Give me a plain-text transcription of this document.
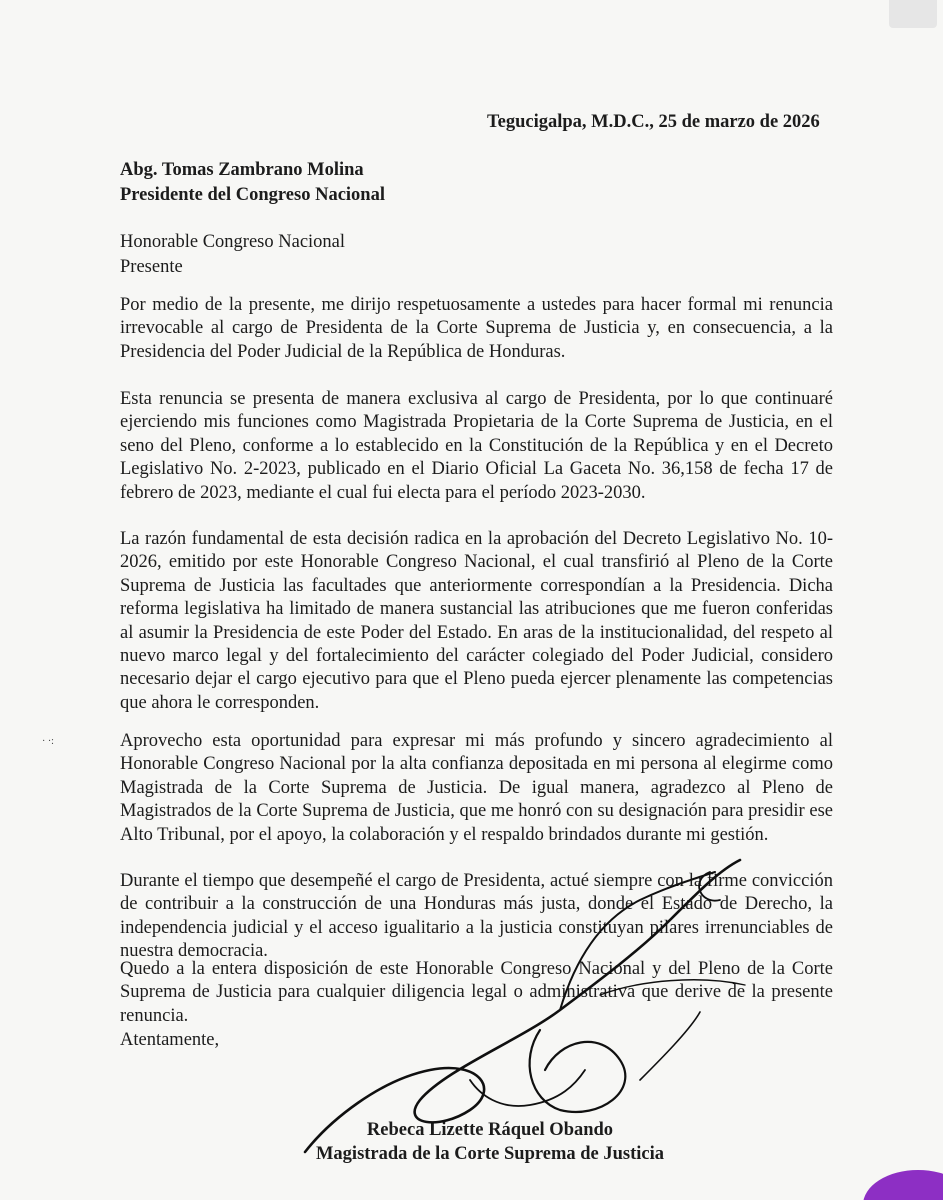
· ·:
Tegucigalpa, M.D.C., 25 de marzo de 2026
Abg. Tomas Zambrano Molina
Presidente del Congreso Nacional
Honorable Congreso Nacional
Presente

Por medio de la presente, me dirijo respetuosamente a ustedes para hacer formal mi renuncia irrevocable al cargo de Presidenta de la Corte Suprema de Justicia y, en consecuencia, a la Presidencia del Poder Judicial de la República de Honduras.

Esta renuncia se presenta de manera exclusiva al cargo de Presidenta, por lo que continuaré ejerciendo mis funciones como Magistrada Propietaria de la Corte Suprema de Justicia, en el seno del Pleno, conforme a lo establecido en la Constitución de la República y en el Decreto Legislativo No. 2-2023, publicado en el Diario Oficial La Gaceta No. 36,158 de fecha 17 de febrero de 2023, mediante el cual fui electa para el período 2023-2030.

La razón fundamental de esta decisión radica en la aprobación del Decreto Legislativo No. 10-2026, emitido por este Honorable Congreso Nacional, el cual transfirió al Pleno de la Corte Suprema de Justicia las facultades que anteriormente correspondían a la Presidencia. Dicha reforma legislativa ha limitado de manera sustancial las atribuciones que me fueron conferidas al asumir la Presidencia de este Poder del Estado. En aras de la institucionalidad, del respeto al nuevo marco legal y del fortalecimiento del carácter colegiado del Poder Judicial, considero necesario dejar el cargo ejecutivo para que el Pleno pueda ejercer plenamente las competencias que ahora le corresponden.

Aprovecho esta oportunidad para expresar mi más profundo y sincero agradecimiento al Honorable Congreso Nacional por la alta confianza depositada en mi persona al elegirme como Magistrada de la Corte Suprema de Justicia. De igual manera, agradezco al Pleno de Magistrados de la Corte Suprema de Justicia, que me honró con su designación para presidir ese Alto Tribunal, por el apoyo, la colaboración y el respaldo brindados durante mi gestión.

Durante el tiempo que desempeñé el cargo de Presidenta, actué siempre con la firme convicción de contribuir a la construcción de una Honduras más justa, donde el Estado de Derecho, la independencia judicial y el acceso igualitario a la justicia constituyan pilares irrenunciables de nuestra democracia.

Quedo a la entera disposición de este Honorable Congreso Nacional y del Pleno de la Corte Suprema de Justicia para cualquier diligencia legal o administrativa que derive de la presente renuncia.

Atentamente,
Rebeca Lizette Ráquel Obando
Magistrada de la Corte Suprema de Justicia
